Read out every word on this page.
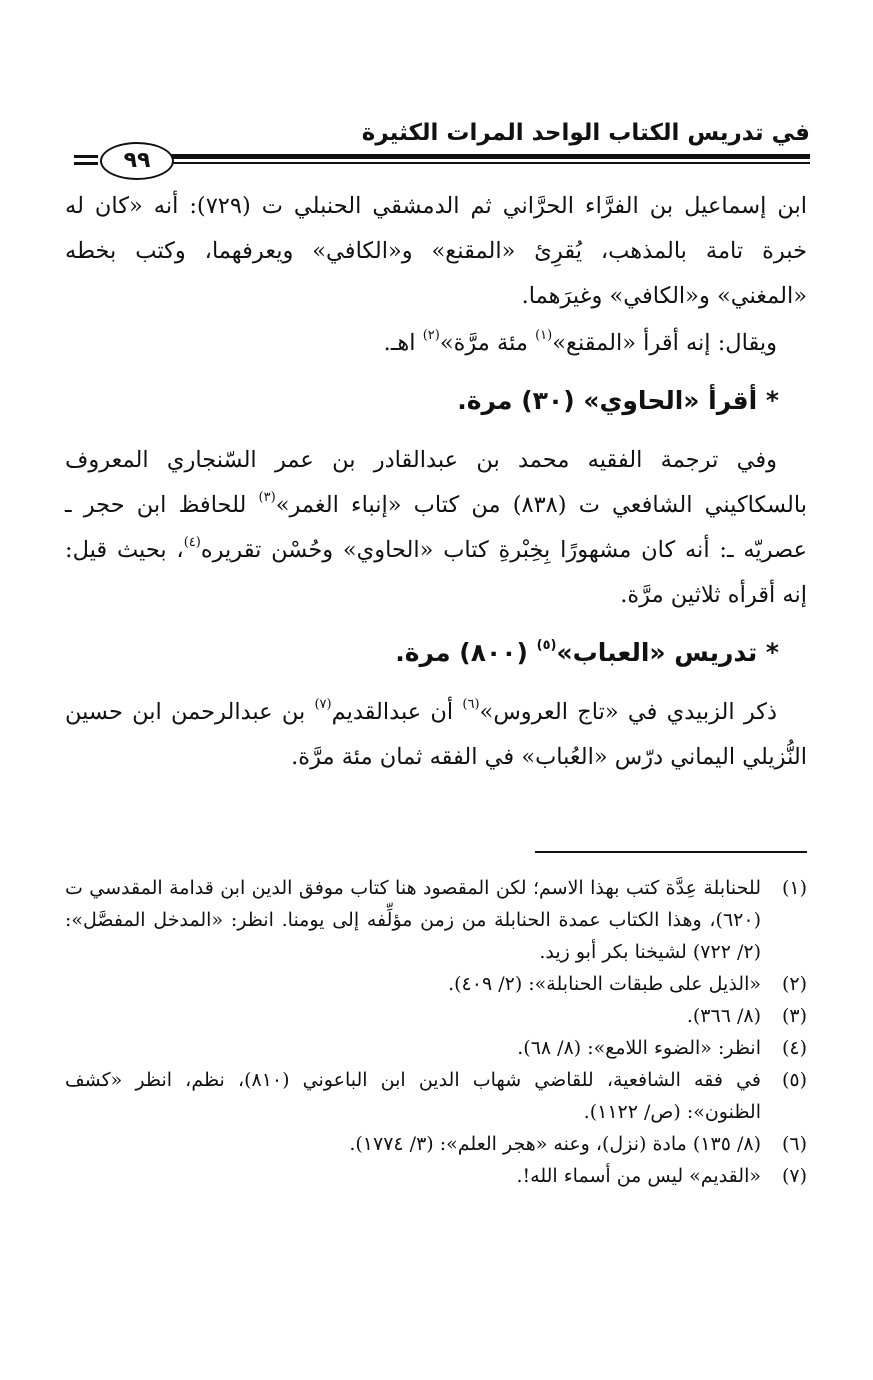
في تدريس الكتاب الواحد المرات الكثيرة
٩٩

ابن إسماعيل بن الفرَّاء الحرَّاني ثم الدمشقي الحنبلي ت (٧٢٩): أنه «كان له خبرة تامة بالمذهب، يُقرِئ «المقنع» و«الكافي» ويعرفهما، وكتب بخطه «المغني» و«الكافي» وغيرَهما.

ويقال: إنه أقرأ «المقنع»$^{(١)}$ مئة مرَّة»$^{(٢)}$ اهـ.

* أقرأ «الحاوي» (٣٠) مرة.

وفي ترجمة الفقيه محمد بن عبدالقادر بن عمر السّنجاري المعروف بالسكاكيني الشافعي ت (٨٣٨) من كتاب «إنباء الغمر»$^{(٣)}$ للحافظ ابن حجر ـ عصريّه ـ: أنه كان مشهورًا بِخِبْرةِ كتاب «الحاوي» وحُسْن تقريره$^{(٤)}$، بحيث قيل: إنه أقرأه ثلاثين مرَّة.

* تدريس «العباب»$^{(٥)}$ (٨٠٠) مرة.

ذكر الزبيدي في «تاج العروس»$^{(٦)}$ أن عبدالقديم$^{(٧)}$ بن عبدالرحمن ابن حسين النُّزيلي اليماني درّس «العُباب» في الفقه ثمان مئة مرَّة.

(١)
للحنابلة عِدَّة كتب بهذا الاسم؛ لكن المقصود هنا كتاب موفق الدين ابن قدامة المقدسي ت (٦٢٠)، وهذا الكتاب عمدة الحنابلة من زمن مؤلِّفه إلى يومنا. انظر: «المدخل المفصَّل»: (٢/ ٧٢٢) لشيخنا بكر أبو زيد.
(٢)
«الذيل على طبقات الحنابلة»: (٢/ ٤٠٩).
(٣)
(٨/ ٣٦٦).
(٤)
انظر: «الضوء اللامع»: (٨/ ٦٨).
(٥)
في فقه الشافعية، للقاضي شهاب الدين ابن الباعوني (٨١٠)، نظم، انظر «كشف الظنون»: (ص/ ١١٢٢).
(٦)
(٨/ ١٣٥) مادة (نزل)، وعنه «هجر العلم»: (٣/ ١٧٧٤).
(٧)
«القديم» ليس من أسماء الله!.
